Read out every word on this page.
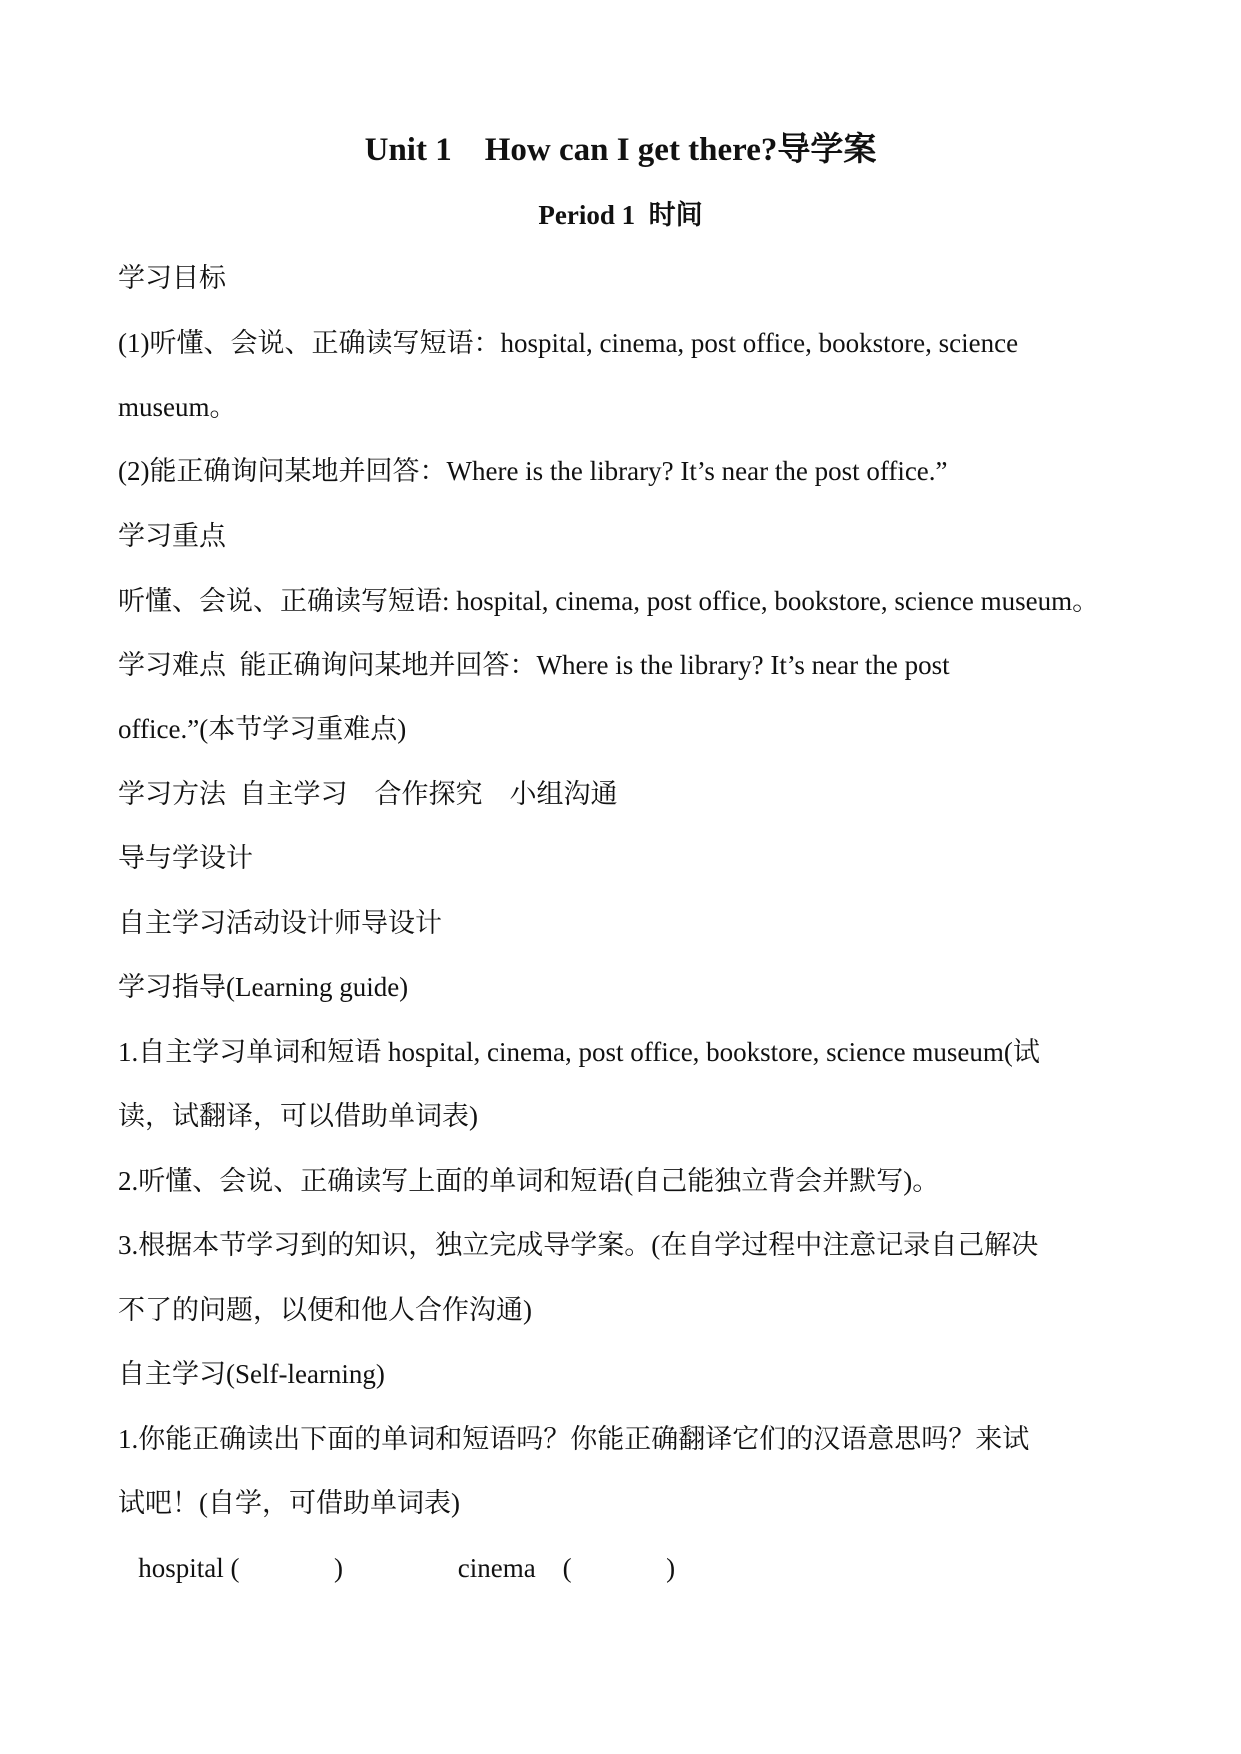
Unit 1    How can I get there?导学案
Period 1  时间
学习目标
(1)听懂、会说、正确读写短语：hospital, cinema, post office, bookstore, science
museum。
(2)能正确询问某地并回答：Where is the library? It’s near the post office.”
学习重点
听懂、会说、正确读写短语: hospital, cinema, post office, bookstore, science museum。
学习难点  能正确询问某地并回答：Where is the library? It’s near the post
office.”(本节学习重难点)
学习方法  自主学习    合作探究    小组沟通
导与学设计
自主学习活动设计师导设计
学习指导(Learning guide)
1.自主学习单词和短语 hospital, cinema, post office, bookstore, science museum(试
读，试翻译，可以借助单词表)
2.听懂、会说、正确读写上面的单词和短语(自己能独立背会并默写)。
3.根据本节学习到的知识，独立完成导学案。(在自学过程中注意记录自己解决
不了的问题，以便和他人合作沟通)
自主学习(Self-learning)
1.你能正确读出下面的单词和短语吗？你能正确翻译它们的汉语意思吗？来试
试吧！(自学，可借助单词表)
hospital (              )                 cinema    (              )
